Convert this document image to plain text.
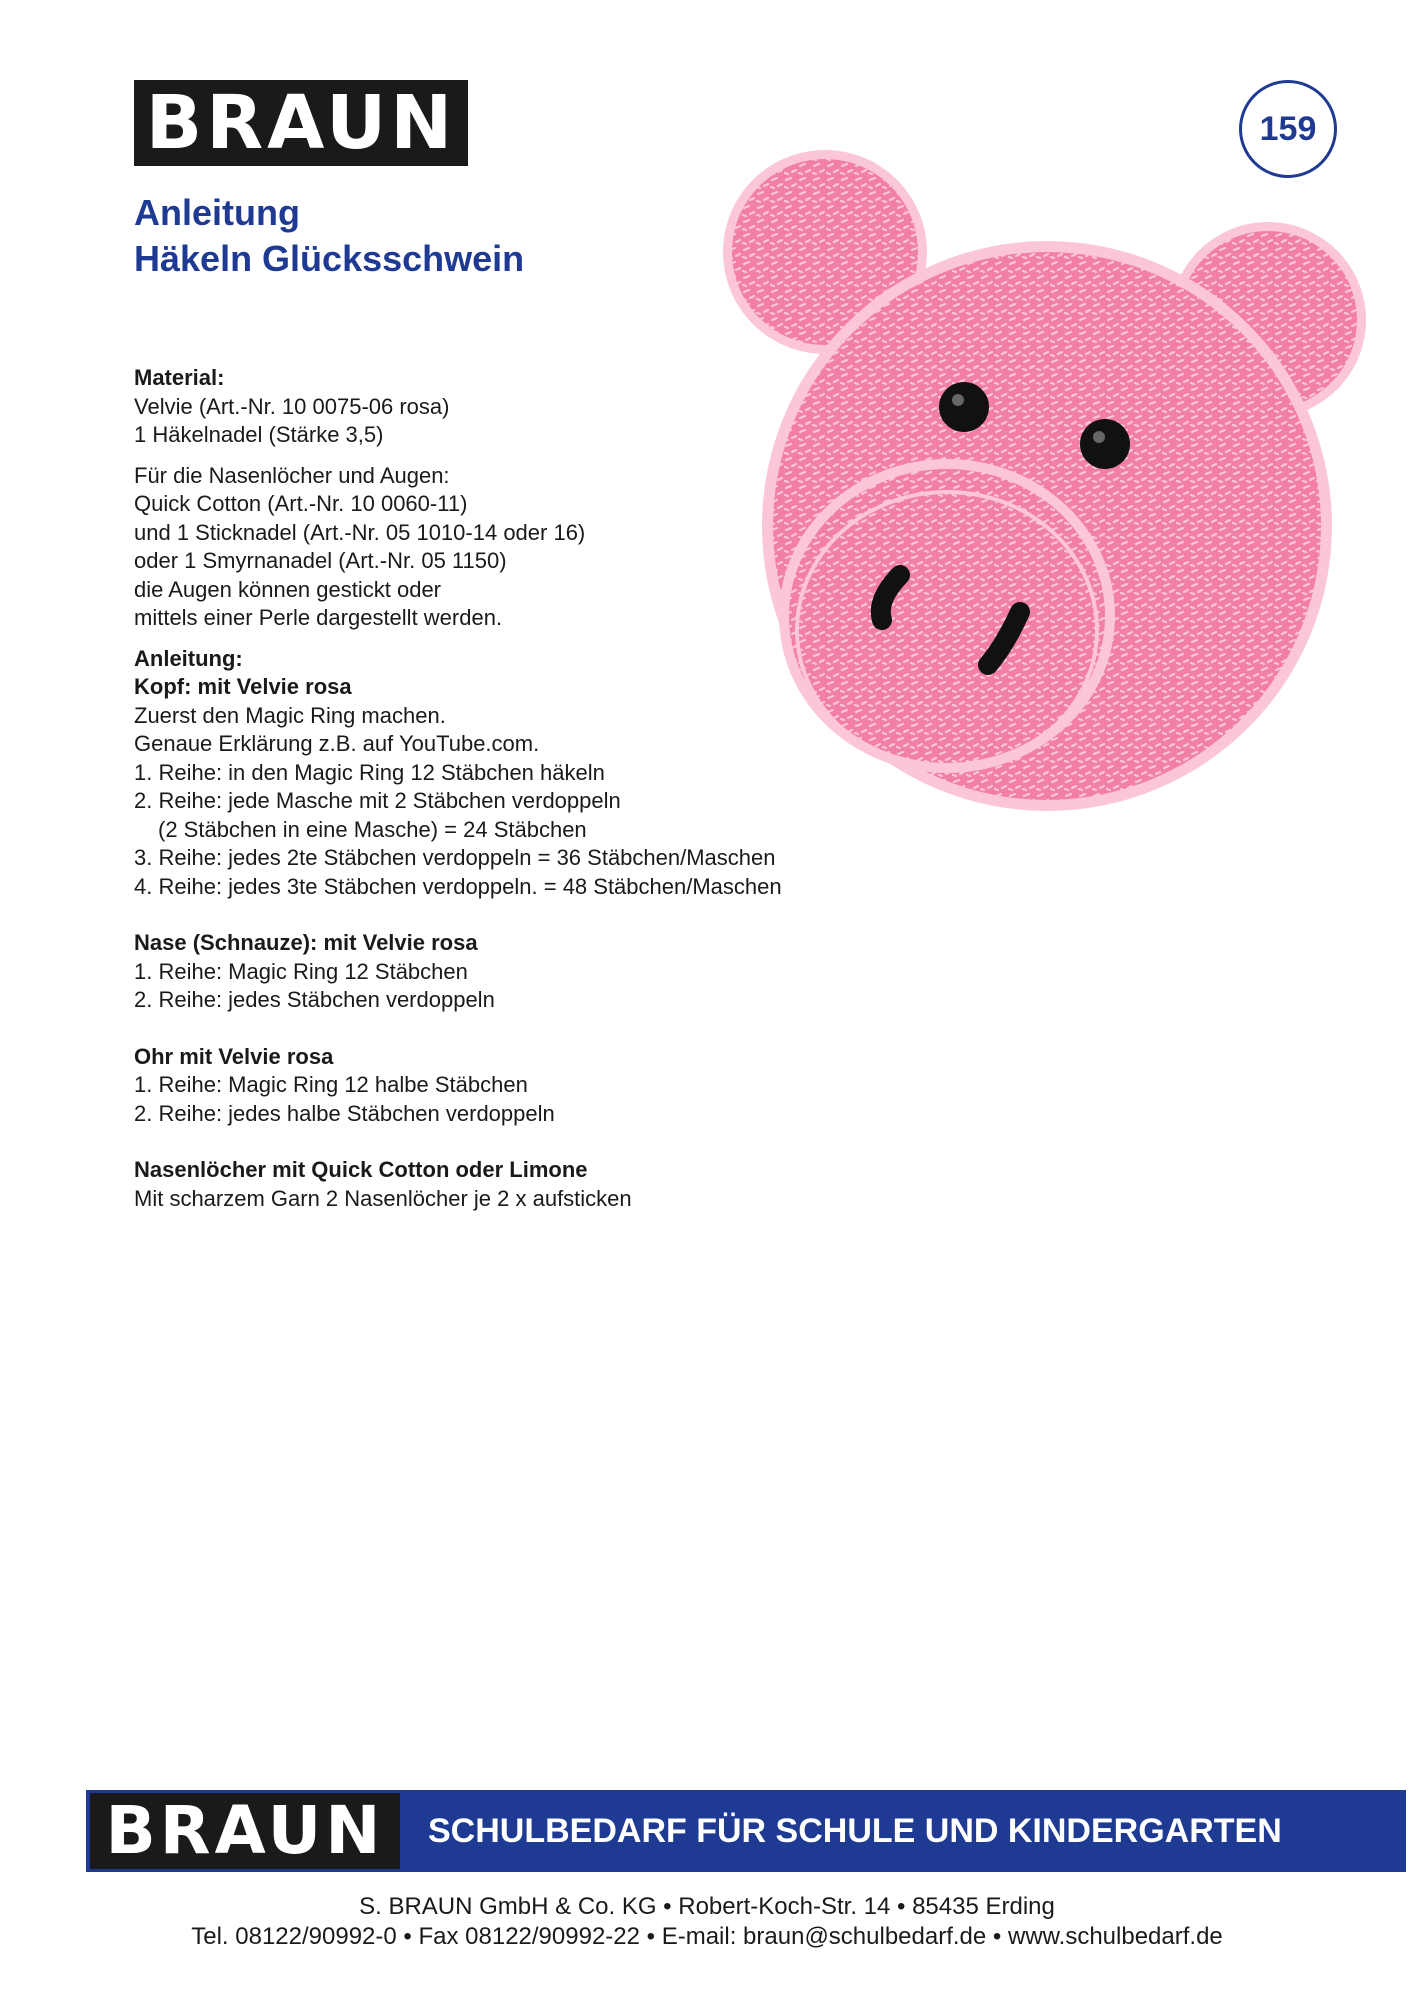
BRAUN	159
Anleitung
Häkeln Glücksschwein
Material:
Velvie (Art.-Nr. 10 0075-06 rosa)
1 Häkelnadel (Stärke 3,5)
Für die Nasenlöcher und Augen:
Quick Cotton (Art.-Nr. 10 0060-11)
und 1 Sticknadel (Art.-Nr. 05 1010-14 oder 16)
oder 1 Smyrnanadel (Art.-Nr. 05 1150)
die Augen können gestickt oder
mittels einer Perle dargestellt werden.
Anleitung:
Kopf: mit Velvie rosa
Zuerst den Magic Ring machen.
Genaue Erklärung z.B. auf YouTube.com.
1. Reihe: in den Magic Ring 12 Stäbchen häkeln
2. Reihe: jede Masche mit 2 Stäbchen verdoppeln
(2 Stäbchen in eine Masche) = 24 Stäbchen
3. Reihe: jedes 2te Stäbchen verdoppeln = 36 Stäbchen/Maschen
4. Reihe: jedes 3te Stäbchen verdoppeln. = 48 Stäbchen/Maschen
Nase (Schnauze): mit Velvie rosa
1. Reihe: Magic Ring 12 Stäbchen
2. Reihe: jedes Stäbchen verdoppeln
Ohr mit Velvie rosa
1. Reihe: Magic Ring 12 halbe Stäbchen
2. Reihe: jedes halbe Stäbchen verdoppeln
Nasenlöcher mit Quick Cotton oder Limone
Mit scharzem Garn 2 Nasenlöcher je 2 x aufsticken
BRAUN SCHULBEDARF FÜR SCHULE UND KINDERGARTEN
S. BRAUN GmbH & Co. KG • Robert-Koch-Str. 14 • 85435 Erding
Tel. 08122/90992-0 • Fax 08122/90992-22 • E-mail: braun@schulbedarf.de • www.schulbedarf.de
